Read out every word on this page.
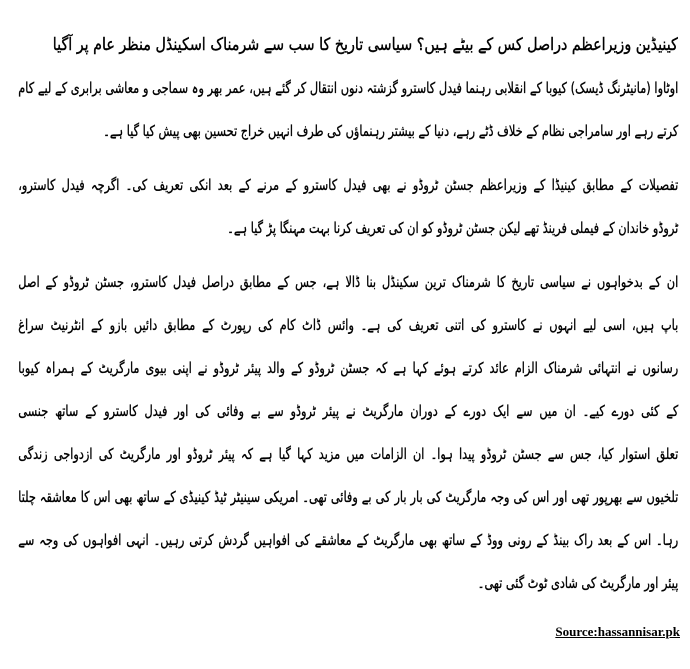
کینیڈین وزیراعظم دراصل کس کے بیٹے ہیں؟ سیاسی تاریخ کا سب سے شرمناک اسکینڈل منظر عام پر آگیا
اوٹاوا (مانیٹرنگ ڈیسک) کیوبا کے انقلابی رہنما فیدل کاسترو گزشتہ دنوں انتقال کر گئے ہیں، عمر بھر وہ سماجی و معاشی برابری کے لیے کام
کرتے رہے اور سامراجی نظام کے خلاف ڈٹے رہے، دنیا کے بیشتر رہنماؤں کی طرف انہیں خراج تحسین بھی پیش کیا گیا ہے۔
تفصیلات کے مطابق کینیڈا کے وزیراعظم جسٹن ٹروڈو نے بھی فیدل کاسترو کے مرنے کے بعد انکی تعریف کی۔ اگرچہ فیدل کاسترو،
ٹروڈو خاندان کے فیملی فرینڈ تھے لیکن جسٹن ٹروڈو کو ان کی تعریف کرنا بہت مہنگا پڑ گیا ہے۔
ان کے بدخواہوں نے سیاسی تاریخ کا شرمناک ترین سکینڈل بنا ڈالا ہے، جس کے مطابق دراصل فیدل کاسترو، جسٹن ٹروڈو کے اصل
باپ ہیں، اسی لیے انہوں نے کاسترو کی اتنی تعریف کی ہے۔ وائس ڈاٹ کام کی رپورٹ کے مطابق دائیں بازو کے انٹرنیٹ سراغ
رسانوں نے انتہائی شرمناک الزام عائد کرتے ہوئے کہا ہے کہ جسٹن ٹروڈو کے والد پیئر ٹروڈو نے اپنی بیوی مارگریٹ کے ہمراہ کیوبا
کے کئی دورے کیے۔ ان میں سے ایک دورے کے دوران مارگریٹ نے پیئر ٹروڈو سے بے وفائی کی اور فیدل کاسترو کے ساتھ جنسی
تعلق استوار کیا، جس سے جسٹن ٹروڈو پیدا ہوا۔ ان الزامات میں مزید کہا گیا ہے کہ پیئر ٹروڈو اور مارگریٹ کی ازدواجی زندگی
تلخیوں سے بھرپور تھی اور اس کی وجہ مارگریٹ کی بار بار کی بے وفائی تھی۔ امریکی سینیٹر ٹیڈ کینیڈی کے ساتھ بھی اس کا معاشقہ چلتا
رہا۔ اس کے بعد راک بینڈ کے رونی ووڈ کے ساتھ بھی مارگریٹ کے معاشقے کی افواہیں گردش کرتی رہیں۔ انہی افواہوں کی وجہ سے
پیئر اور مارگریٹ کی شادی ٹوٹ گئی تھی۔
Source:hassannisar.pk
